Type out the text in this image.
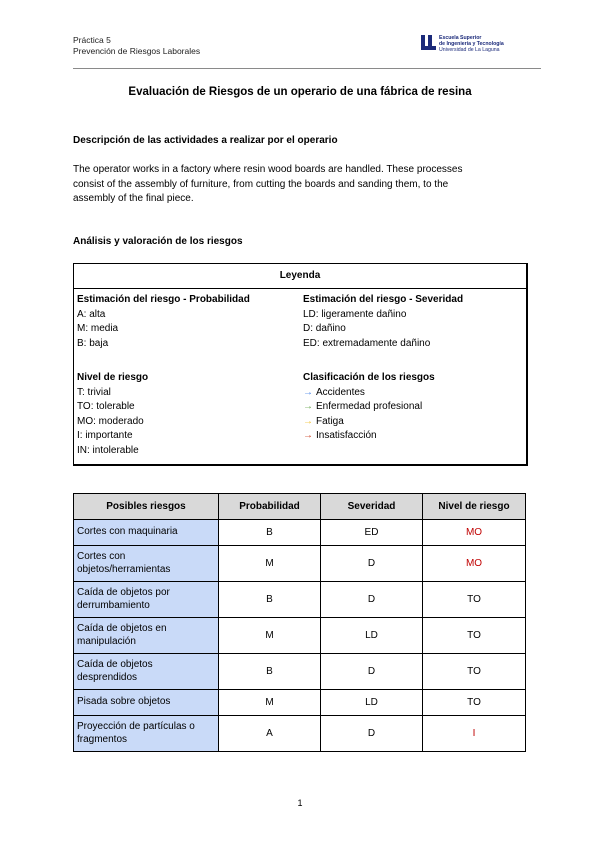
Práctica 5
Prevención de Riesgos Laborales
Escuela Superior
de Ingeniería y Tecnología
Universidad de La Laguna
Evaluación de Riesgos de un operario de una fábrica de resina
Descripción de las actividades a realizar por el operario

The operator works in a factory where resin wood boards are handled. These processes

consist of the assembly of furniture, from cutting the boards and sanding them, to the

assembly of the final piece.

Análisis y valoración de los riesgos
Leyenda
Estimación del riesgo - Probabilidad
A: alta
M: media
B: baja
Estimación del riesgo - Severidad
LD: ligeramente dañino
D: dañino
ED: extremadamente dañino
Nivel de riesgo
T: trivial
TO: tolerable
MO: moderado
I: importante
IN: intolerable
Clasificación de los riesgos
→ Accidentes
→ Enfermedad profesional
→ Fatiga
→ Insatisfacción
Posibles riesgos	Probabilidad	Severidad	Nivel de riesgo
Cortes con maquinaria	B	ED	MO
Cortes con objetos/herramientas	M	D	MO
Caída de objetos por derrumbamiento	B	D	TO
Caída de objetos en manipulación	M	LD	TO
Caída de objetos desprendidos	B	D	TO
Pisada sobre objetos	M	LD	TO
Proyección de partículas o fragmentos	A	D	I
1
